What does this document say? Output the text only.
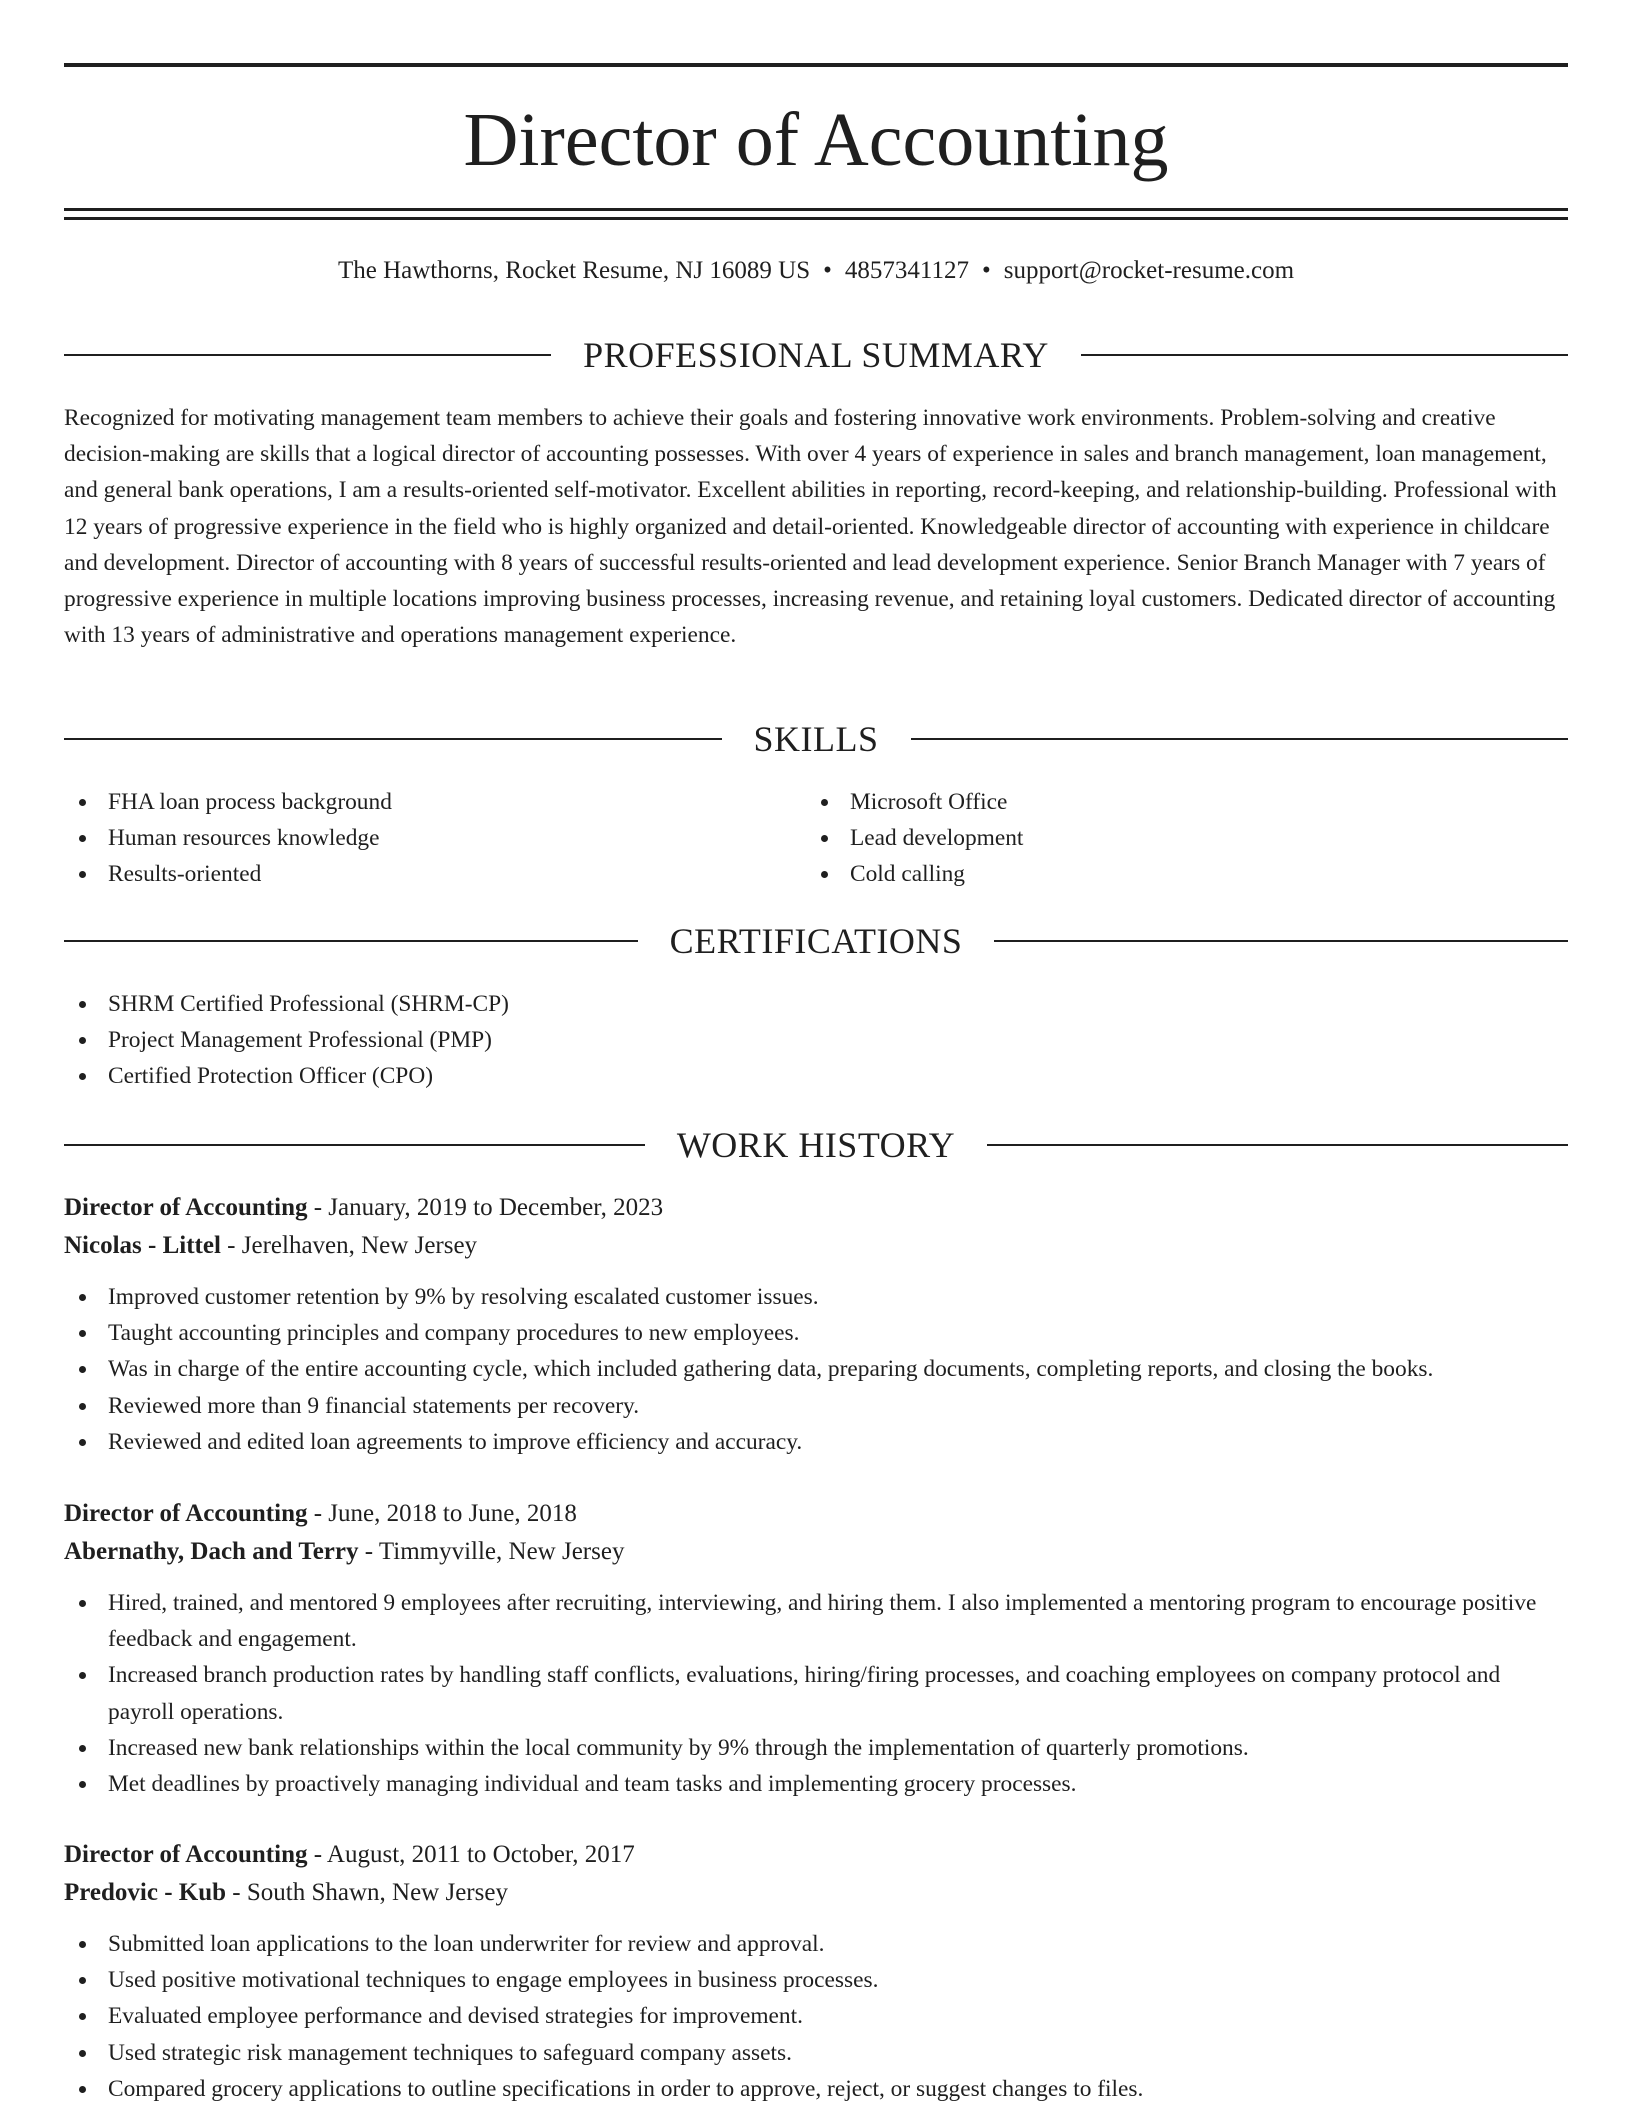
Director of Accounting
The Hawthorns, Rocket Resume, NJ 16089 US • 4857341127 • support@rocket-resume.com
PROFESSIONAL SUMMARY

Recognized for motivating management team members to achieve their goals and fostering innovative work environments. Problem-solving and creative decision-making are skills that a logical director of accounting possesses. With over 4 years of experience in sales and branch management, loan management, and general bank operations, I am a results-oriented self-motivator. Excellent abilities in reporting, record-keeping, and relationship-building. Professional with 12 years of progressive experience in the field who is highly organized and detail-oriented. Knowledgeable director of accounting with experience in childcare and development. Director of accounting with 8 years of successful results-oriented and lead development experience. Senior Branch Manager with 7 years of progressive experience in multiple locations improving business processes, increasing revenue, and retaining loyal customers. Dedicated director of accounting with 13 years of administrative and operations management experience.

SKILLS
FHA loan process background
Human resources knowledge
Results-oriented
Microsoft Office
Lead development
Cold calling
CERTIFICATIONS
SHRM Certified Professional (SHRM-CP)
Project Management Professional (PMP)
Certified Protection Officer (CPO)
WORK HISTORY
Director of Accounting - January, 2019 to December, 2023
Nicolas - Littel - Jerelhaven, New Jersey
Improved customer retention by 9% by resolving escalated customer issues.
Taught accounting principles and company procedures to new employees.
Was in charge of the entire accounting cycle, which included gathering data, preparing documents, completing reports, and closing the books.
Reviewed more than 9 financial statements per recovery.
Reviewed and edited loan agreements to improve efficiency and accuracy.
Director of Accounting - June, 2018 to June, 2018
Abernathy, Dach and Terry - Timmyville, New Jersey
Hired, trained, and mentored 9 employees after recruiting, interviewing, and hiring them. I also implemented a mentoring program to encourage positive feedback and engagement.
Increased branch production rates by handling staff conflicts, evaluations, hiring/firing processes, and coaching employees on company protocol and payroll operations.
Increased new bank relationships within the local community by 9% through the implementation of quarterly promotions.
Met deadlines by proactively managing individual and team tasks and implementing grocery processes.
Director of Accounting - August, 2011 to October, 2017
Predovic - Kub - South Shawn, New Jersey
Submitted loan applications to the loan underwriter for review and approval.
Used positive motivational techniques to engage employees in business processes.
Evaluated employee performance and devised strategies for improvement.
Used strategic risk management techniques to safeguard company assets.
Compared grocery applications to outline specifications in order to approve, reject, or suggest changes to files.
